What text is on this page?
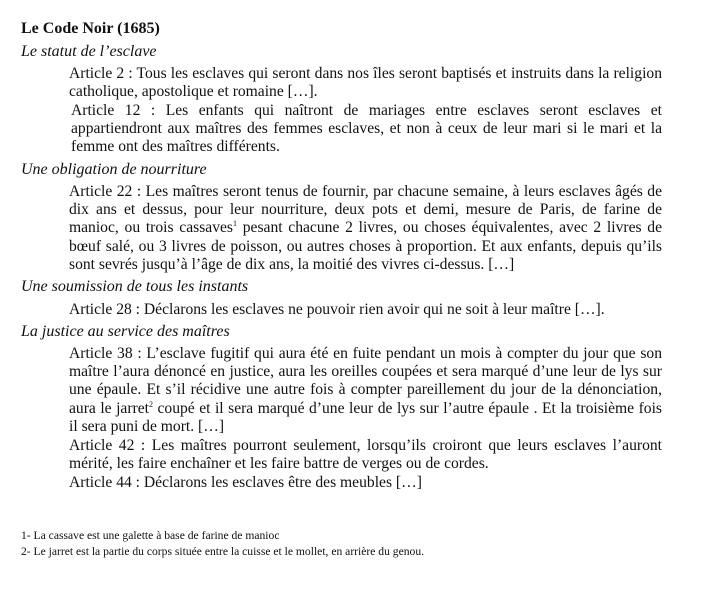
Le Code Noir (1685)
Le statut de l’esclave
Article 2 : Tous les esclaves qui seront dans nos îles seront baptisés et instruits dans la religion catholique, apostolique et romaine […].
Article 12 : Les enfants qui naîtront de mariages entre esclaves seront esclaves et appartiendront aux maîtres des femmes esclaves, et non à ceux de leur mari si le mari et la femme ont des maîtres différents.
Une obligation de nourriture
Article 22 : Les maîtres seront tenus de fournir, par chacune semaine, à leurs esclaves âgés de dix ans et dessus, pour leur nourriture, deux pots et demi, mesure de Paris, de farine de manioc, ou trois cassaves$^1$ pesant chacune 2 livres, ou choses équivalentes, avec 2 livres de bœuf salé, ou 3 livres de poisson, ou autres choses à proportion. Et aux enfants, depuis qu’ils sont sevrés jusqu’à l’âge de dix ans, la moitié des vivres ci-dessus. […]
Une soumission de tous les instants
Article 28 : Déclarons les esclaves ne pouvoir rien avoir qui ne soit à leur maître […].
La justice au service des maîtres
Article 38 : L’esclave fugitif qui aura été en fuite pendant un mois à compter du jour que son maître l’aura dénoncé en justice, aura les oreilles coupées et sera marqué d’une leur de lys sur une épaule. Et s’il récidive une autre fois à compter pareillement du jour de la dénonciation, aura le jarret$^2$ coupé et il sera marqué d’une leur de lys sur l’autre épaule . Et la troisième fois il sera puni de mort. […]
Article 42 : Les maîtres pourront seulement, lorsqu’ils croiront que leurs esclaves l’auront mérité, les faire enchaîner et les faire battre de verges ou de cordes.
Article 44 : Déclarons les esclaves être des meubles […]
1- La cassave est une galette à base de farine de manioc
2- Le jarret est la partie du corps située entre la cuisse et le mollet, en arrière du genou.
